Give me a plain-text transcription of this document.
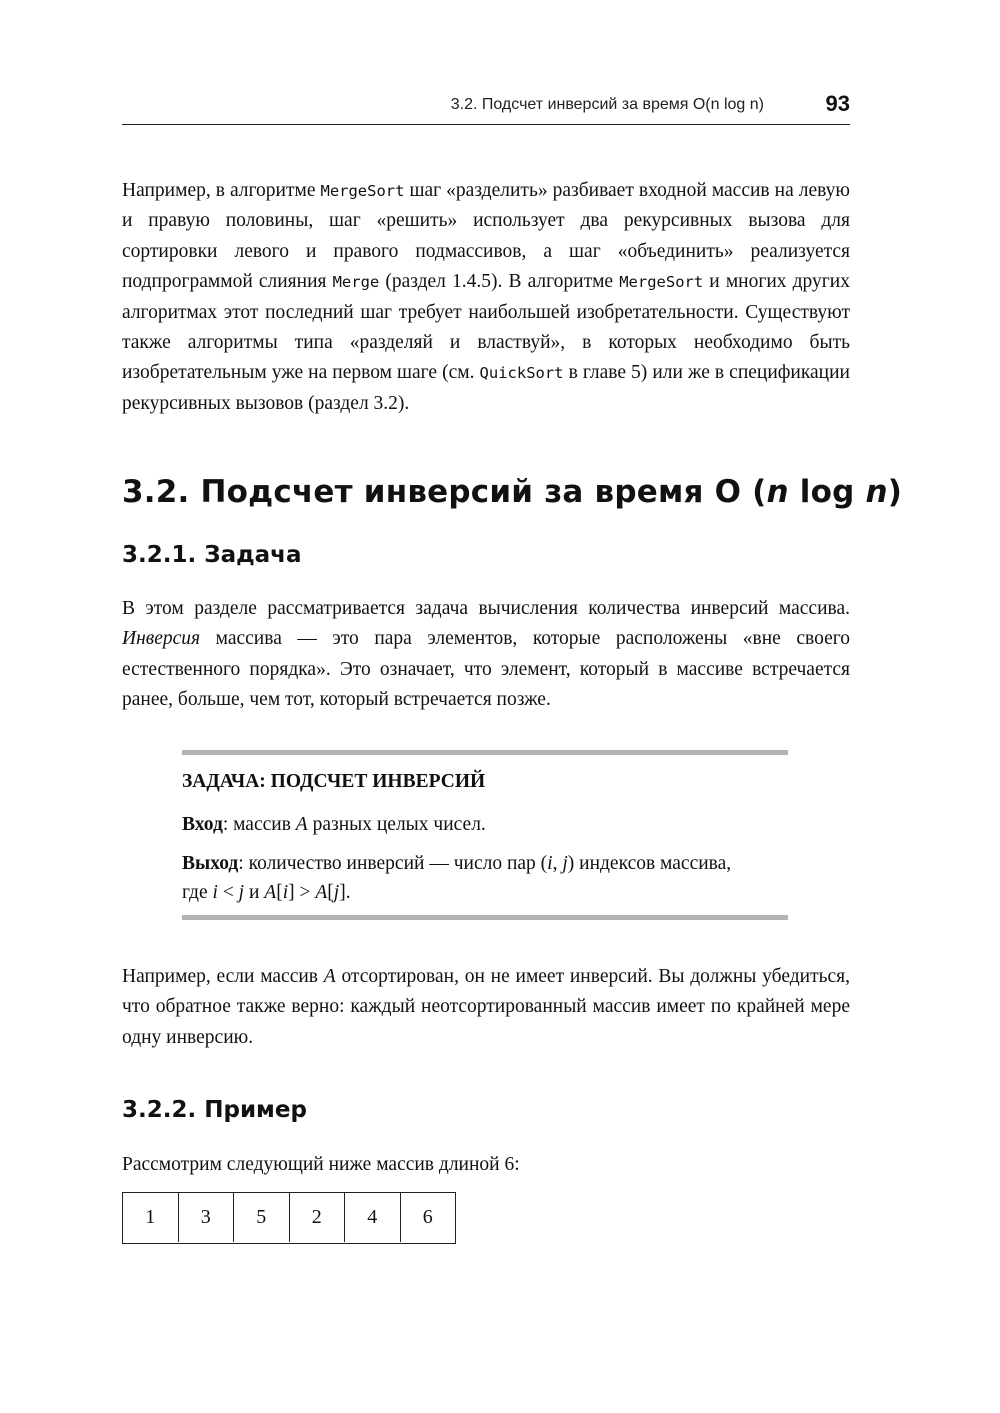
3.2. Подсчет инверсий за время O(n log n)	93
Например, в алгоритме MergeSort шаг «разделить» разбивает входной массив на левую и правую половины, шаг «решить» использует два рекурсивных вызова для сортировки левого и правого подмассивов, а шаг «объединить» реализуется подпрограммой слияния Merge (раздел 1.4.5). В алгоритме MergeSort и многих других алгоритмах этот последний шаг требует наибольшей изобретательности. Существуют также алгоритмы типа «разделяй и властвуй», в которых необходимо быть изобретательным уже на первом шаге (см. QuickSort в главе 5) или же в спецификации рекурсивных вызовов (раздел 3.2).
3.2. Подсчет инверсий за время O (n log n)
3.2.1. Задача
В этом разделе рассматривается задача вычисления количества инверсий массива. Инверсия массива — это пара элементов, которые расположены «вне своего естественного порядка». Это означает, что элемент, который в массиве встречается ранее, больше, чем тот, который встречается позже.
ЗАДАЧА: ПОДСЧЕТ ИНВЕРСИЙ
Вход: массив A разных целых чисел.
Выход: количество инверсий — число пар (i, j) индексов массива,
где i < j и A[i] > A[j].
Например, если массив A отсортирован, он не имеет инверсий. Вы должны убедиться, что обратное также верно: каждый неотсортированный массив имеет по крайней мере одну инверсию.
3.2.2. Пример
Рассмотрим следующий ниже массив длиной 6:
1	3	5	2	4	6
